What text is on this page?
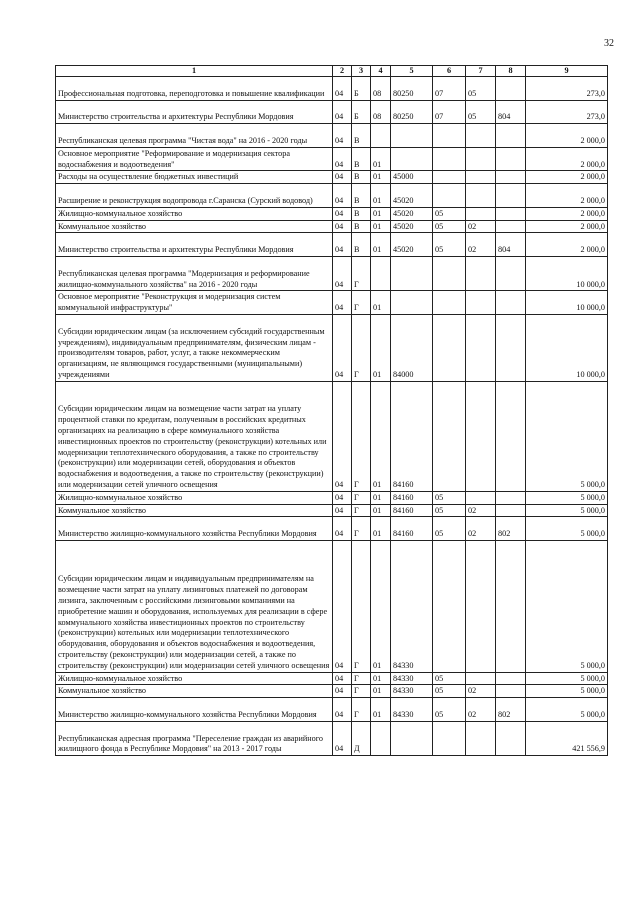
32
1	2	3	4	5	6	7	8	9
Профессиональная подготовка, переподготовка и повышение квалификации	04	Б	08	80250	07	05		273,0
Министерство строительства и архитектуры Республики Мордовия	04	Б	08	80250	07	05	804	273,0
Республиканская целевая программа "Чистая вода" на 2016 - 2020 годы	04	В						2 000,0
Основное мероприятие "Реформирование и модернизация сектора водоснабжения и водоотведения"	04	В	01					2 000,0
Расходы на осуществление бюджетных инвестиций	04	В	01	45000				2 000,0
Расширение и реконструкция водопровода г.Саранска (Сурский водовод)	04	В	01	45020				2 000,0
Жилищно-коммунальное хозяйство	04	В	01	45020	05			2 000,0
Коммунальное хозяйство	04	В	01	45020	05	02		2 000,0
Министерство строительства и архитектуры Республики Мордовия	04	В	01	45020	05	02	804	2 000,0
Республиканская целевая программа "Модернизация и реформирование жилищно-коммунального хозяйства" на 2016 - 2020 годы	04	Г						10 000,0
Основное мероприятие "Реконструкция и модернизация систем коммунальной инфраструктуры"	04	Г	01					10 000,0
Субсидии юридическим лицам (за исключением субсидий государственным учреждениям), индивидуальным предпринимателям, физическим лицам - производителям товаров, работ, услуг, а также некоммерческим организациям, не являющимся государственными (муниципальными) учреждениями	04	Г	01	84000				10 000,0
Субсидии юридическим лицам на возмещение части затрат на уплату процентной ставки по кредитам, полученным в российских кредитных организациях на реализацию в сфере коммунального хозяйства инвестиционных проектов по строительству (реконструкции) котельных или модернизации теплотехнического оборудования, а также по строительству (реконструкции) или модернизации сетей, оборудования и объектов водоснабжения и водоотведения, а также по строительству (реконструкции) или модернизации сетей уличного освещения	04	Г	01	84160				5 000,0
Жилищно-коммунальное хозяйство	04	Г	01	84160	05			5 000,0
Коммунальное хозяйство	04	Г	01	84160	05	02		5 000,0
Министерство жилищно-коммунального хозяйства Республики Мордовия	04	Г	01	84160	05	02	802	5 000,0
Субсидии юридическим лицам и индивидуальным предпринимателям на возмещение части затрат на уплату лизинговых платежей по договорам лизинга, заключенным с российскими лизинговыми компаниями на приобретение машин и оборудования, используемых для реализации в сфере коммунального хозяйства инвестиционных проектов по строительству (реконструкции) котельных или модернизации теплотехнического оборудования, оборудования и объектов водоснабжения и водоотведения, строительству (реконструкции) или модернизации сетей, а также по строительству (реконструкции) или модернизации сетей уличного освещения	04	Г	01	84330				5 000,0
Жилищно-коммунальное хозяйство	04	Г	01	84330	05			5 000,0
Коммунальное хозяйство	04	Г	01	84330	05	02		5 000,0
Министерство жилищно-коммунального хозяйства Республики Мордовия	04	Г	01	84330	05	02	802	5 000,0
Республиканская адресная программа "Переселение граждан из аварийного жилищного фонда в Республике Мордовия" на 2013 - 2017 годы	04	Д						421 556,9
